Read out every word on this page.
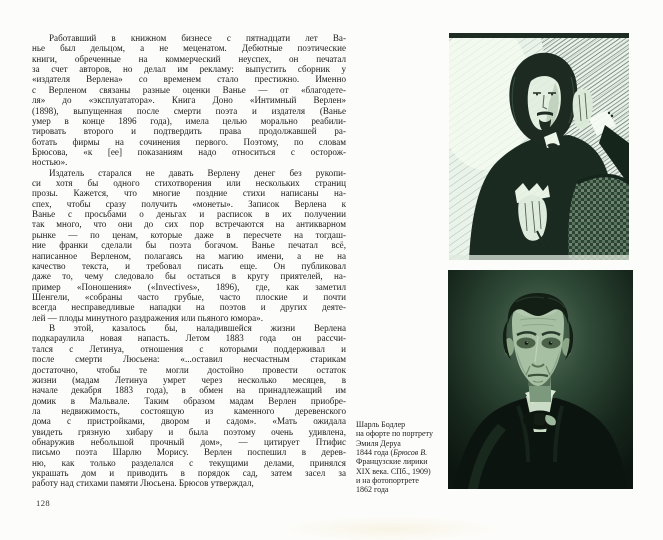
Работавший в книжном бизнесе с пятнадцати лет Ва-
нье был дельцом, а не меценатом. Дебютные поэтические
книги, обреченные на коммерческий неуспех, он печатал
за счет авторов, но делал им рекламу: выпустить сборник у
«издателя Верлена» со временем стало престижно. Именно
с Верленом связаны разные оценки Ванье — от «благодете-
ля» до «эксплуататора». Книга Доно «Интимный Верлен»
(1898), выпущенная после смерти поэта и издателя (Ванье
умер в конце 1896 года), имела целью морально реабили-
тировать второго и подтвердить права продолжавшей ра-
ботать фирмы на сочинения первого. Поэтому, по словам
Брюсова, «к [ее] показаниям надо относиться с осторож-
ностью».
Издатель старался не давать Верлену денег без рукопи-
си хотя бы одного стихотворения или нескольких страниц
прозы. Кажется, что многие поздние стихи написаны на-
спех, чтобы сразу получить «монеты». Записок Верлена к
Ванье с просьбами о деньгах и расписок в их получении
так много, что они до сих пор встречаются на антикварном
рынке — по ценам, которые даже в пересчете на тогдаш-
ние франки сделали бы поэта богачом. Ванье печатал всё,
написанное Верленом, полагаясь на магию имени, а не на
качество текста, и требовал писать еще. Он публиковал
даже то, чему следовало бы остаться в кругу приятелей, на-
пример «Поношения» («Invectives», 1896), где, как заметил
Шенгели, «собраны часто грубые, часто плоские и почти
всегда несправедливые нападки на поэтов и других деяте-
лей — плоды минутного раздражения или пьяного юмора».
В этой, казалось бы, наладившейся жизни Верлена
подкараулила новая напасть. Летом 1883 года он рассчи-
тался с Летинуа, отношения с которыми поддерживал и
после смерти Люсьена: «...оставил несчастным старикам
достаточно, чтобы те могли достойно провести остаток
жизни (мадам Летинуа умрет через несколько месяцев, в
начале декабря 1883 года), в обмен на принадлежащий им
домик в Мальвале. Таким образом мадам Верлен приобре-
ла недвижимость, состоящую из каменного деревенского
дома с пристройками, двором и садом». «Мать ожидала
увидеть грязную хибару и была поэтому очень удивлена,
обнаружив небольшой прочный дом», — цитирует Птифис
письмо поэта Шарлю Морису. Верлен поспешил в дерев-
ню, как только разделался с текущими делами, принялся
украшать дом и приводить в порядок сад, затем засел за
работу над стихами памяти Люсьена. Брюсов утверждал,
Шарль Бодлер
на офорте по портрету
Эмиля Деруа
1844 года (Брюсов В.
Французские лирики
XIX века. СПб., 1909)
и на фотопортрете
1862 года
128
